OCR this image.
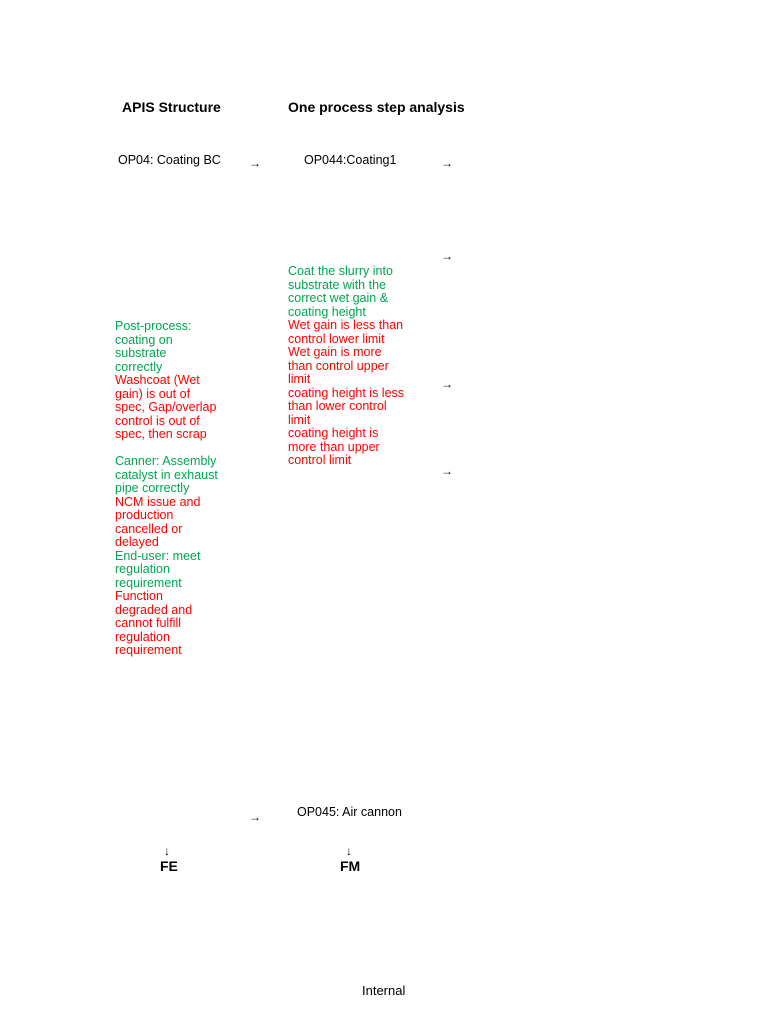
APIS Structure	One process step analysis
OP04: Coating BC →	OP044:Coating1	→
→
→
→
Post-process:
coating on
substrate
correctly
Washcoat (Wet
gain) is out of
spec, Gap/overlap
control is out of
spec, then scrap
Canner: Assembly
catalyst in exhaust
pipe correctly
NCM issue and
production
cancelled or
delayed
End-user: meet
regulation
requirement
Function
degraded and
cannot fulfill
regulation
requirement
Coat the slurry into
substrate with the
correct wet gain &
coating height
Wet gain is less than
control lower limit
Wet gain is more
than control upper
limit
coating height is less
than lower control
limit
coating height is
more than upper
control limit
→	OP045: Air cannon
↓
FE
↓
FM
Internal
